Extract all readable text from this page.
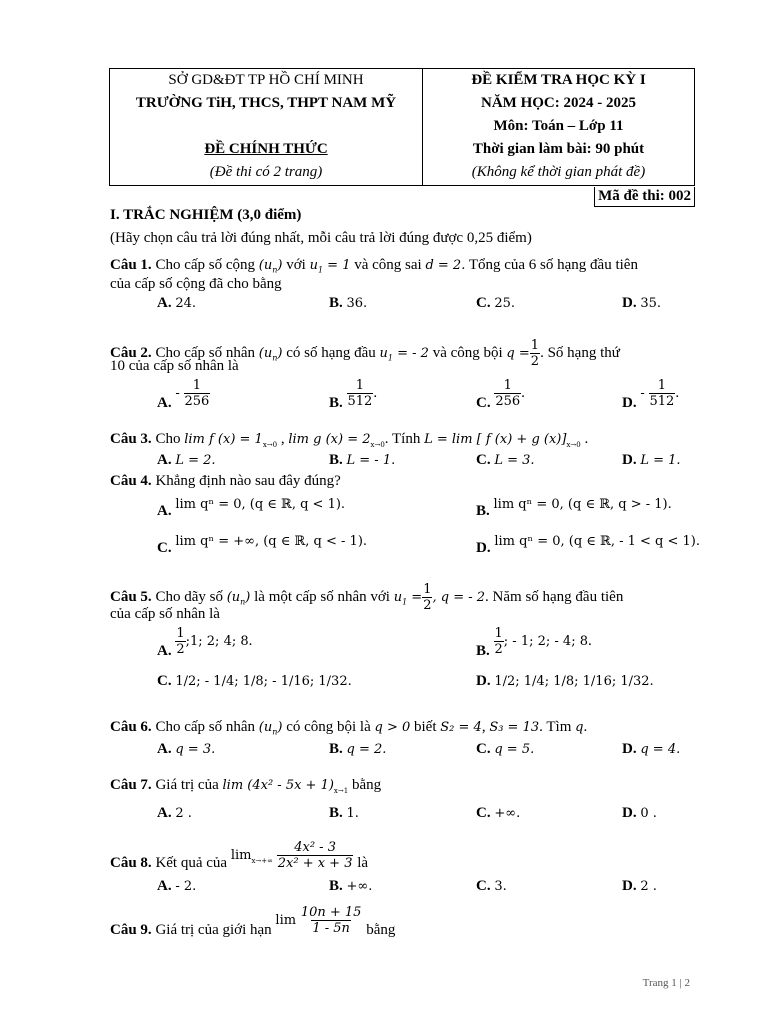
SỞ GD&ĐT TP HỒ CHÍ MINH
TRƯỜNG TiH, THCS, THPT NAM MỸ
ĐỀ CHÍNH THỨC
(Đề thi có 2 trang)
ĐỀ KIỂM TRA HỌC KỲ I
NĂM HỌC: 2024 - 2025
Môn: Toán – Lớp 11
Thời gian làm bài: 90 phút
(Không kể thời gian phát đề)
Mã đề thi: 002
I. TRẮC NGHIỆM (3,0 điểm)
(Hãy chọn câu trả lời đúng nhất, mỗi câu trả lời đúng được 0,25 điểm)
Câu 1. Cho cấp số cộng $(u_n)$ với $u_1 = 1$ và công sai d = 2. Tổng của 6 số hạng đầu tiên
của cấp số cộng đã cho bằng
A. 24.	B. 36.	C. 25.	D. 35.
Câu 2. Cho cấp số nhân $(u_n)$ có số hạng đầu $u_1$ = - 2 và công bội $q = \frac{1}{2}$ . Số hạng thứ
10 của cấp số nhân là
A. - $\frac{1}{256}$	B. $\frac{1}{512}$ .
C. $\frac{1}{256}$ .
D. - $\frac{1}{512}$ .
Câu 3. Cho lim f $(x) = 1_{x\to 0}$ , lim g $(x) = 2_{x\to 0}$. Tính L = lim [ f (x) + g $(x)]_{x\to 0}$ .
A. L = 2.	B. L = - 1.	C. L = 3.	D. L = 1.
Câu 4. Khẳng định nào sau đây đúng?
A. lim qⁿ = 0, (q ∈ ℝ, q < 1).	B. lim qⁿ = 0, (q ∈ ℝ, q > - 1).
C. lim qⁿ = +∞, (q ∈ ℝ, q < - 1).	D. lim qⁿ = 0, (q ∈ ℝ, - 1 < q < 1).
Câu 5. Cho dãy số $(u_n)$ là một cấp số nhân với $u_1 = \frac{1}{2}$ , q = - 2. Năm số hạng đầu tiên
của cấp số nhân là
A. $\frac{1}{2}$ ;1; 2; 4; 8.
B. $\frac{1}{2}$ ; - 1; 2; - 4; 8.
C. 1/2; - 1/4; 1/8; - 1/16; 1/32.	D. 1/2; 1/4; 1/8; 1/16; 1/32.
Câu 6. Cho cấp số nhân $(u_n)$ có công bội là q > 0 biết S₂ = 4, S₃ = 13. Tìm q.
A. q = 3.	B. q = 2.	C. q = 5.	D. q = 4.
Câu 7. Giá trị của $\lim (4x^2 - 5x + 1)_{x\to 1}$ bằng
A. 2 .	B. 1.	C. +∞.	D. 0 .
Câu 8. Kết quả của $\lim_{x\to+\infty} \frac{\text{4x² - 3}}{\text{2x² + x + 3}}$ là
A. - 2.	B. +∞.	C. 3.	D. 2 .
Câu 9. Giá trị của giới hạn $\lim \frac{10n + 15}{1 - 5n}$ bằng
Trang 1 | 2
